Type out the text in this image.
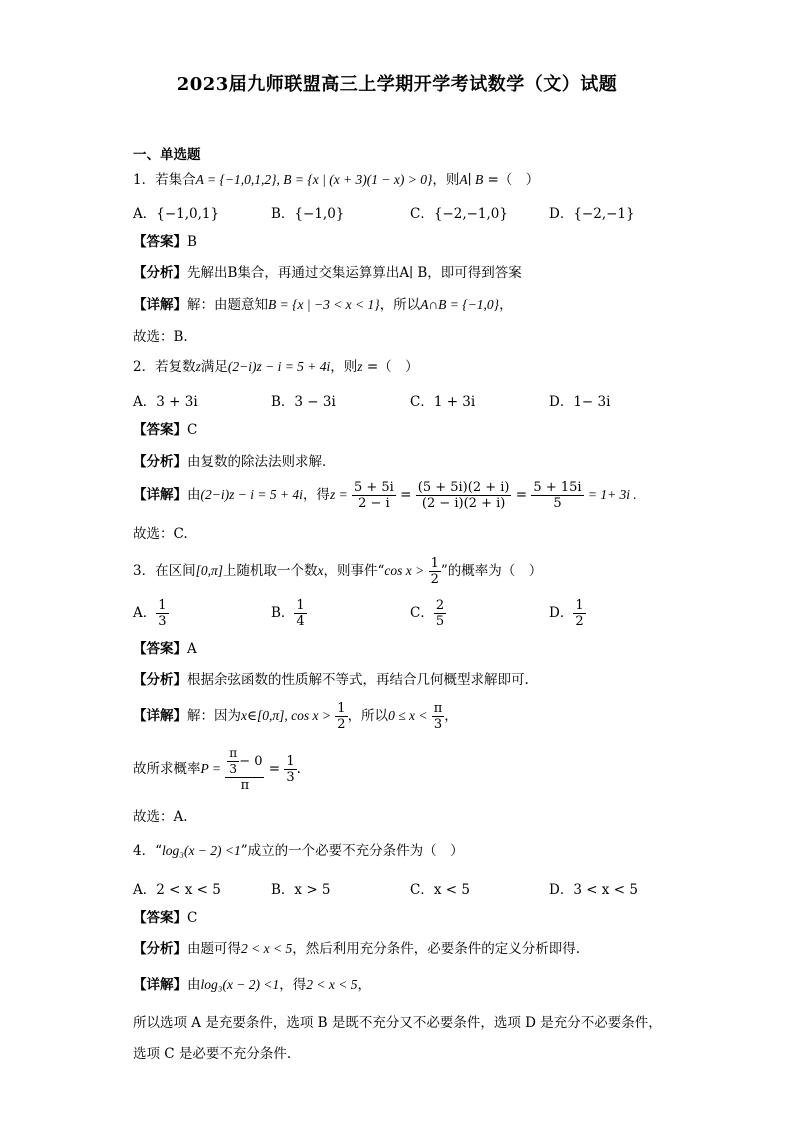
2023届九师联盟高三上学期开学考试数学（文）试题
一、单选题
1．若集合A = {−1,0,1,2}, B = {x | (x + 3)(1 − x) > 0}，则A∣ B =（　）
A．{−1,0,1}	B．{−1,0}	C．{−2,−1,0}	D．{−2,−1}
【答案】B
【分析】先解出B集合，再通过交集运算算出A∣ B，即可得到答案
【详解】解：由题意知B = {x | −3 < x < 1}，所以A∩B = {−1,0}，
故选：B.
2．若复数z满足(2−i)z − i = 5 + 4i，则z =（　）
A．3 + 3i	B．3 − 3i	C．1 + 3i	D．1− 3i
【答案】C
【分析】由复数的除法法则求解．
【详解】由(2−i)z − i = 5 + 4i，得$z = \frac{5 + 5i}{2 - i} = \frac{(5 + 5i)(2 + i)}{(2 - i)(2 + i)} = \frac{5 + 15i}{5} = 1+ 3i$ .
故选：C.
3．在区间[0,π]上随机取一个数x，则事件“cos $x > \frac{1}{2}$ ”的概率为（　）
A． $\frac{1}{3}$	B． $\frac{1}{4}$	C． $\frac{2}{5}$	D． $\frac{1}{2}$
【答案】A
【分析】根据余弦函数的性质解不等式，再结合几何概型求解即可.
【详解】解：因为x∈[0,π], $\cos x > \frac{1}{2}$ ，所以$0 \le x < \frac{\pi}{3}$ ，
故所求概率$P = \frac{\frac{\pi}{3} - 0}{\pi} = \frac{1}{3}$ .
故选：A.
4．“log₃(x − 2) <1”成立的一个必要不充分条件为（　）
A．2 < x < 5	B．x > 5	C．x < 5	D．3 < x < 5
【答案】C
【分析】由题可得2 < x < 5，然后利用充分条件，必要条件的定义分析即得.
【详解】由log₃(x − 2) <1，得2 < x < 5，
所以选项 A 是充要条件，选项 B 是既不充分又不必要条件，选项 D 是充分不必要条件，
选项 C 是必要不充分条件.
